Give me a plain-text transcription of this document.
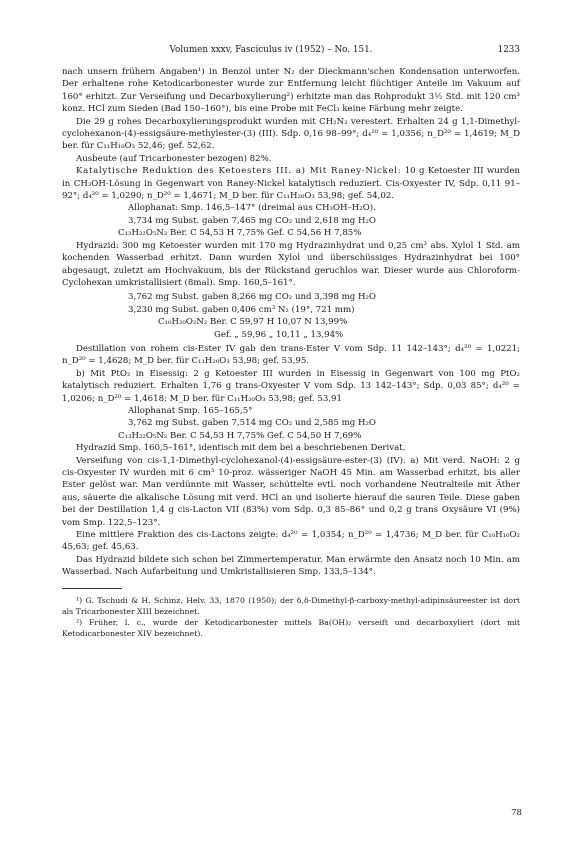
Volumen xxxv, Fasciculus iv (1952) – No. 151.	1233

nach unsern frühern Angaben¹) in Benzol unter N₂ der Dieckmann'schen Kondensation unterworfen. Der erhaltene rohe Ketodicarbonester wurde zur Entfernung leicht flüchtiger Anteile im Vakuum auf 160° erhitzt. Zur Verseifung und Decarboxylierung²) erhitzte man das Rohprodukt 3½ Std. mit 120 cm³ konz. HCl zum Sieden (Bad 150–160°), bis eine Probe mit FeCl₃ keine Färbung mehr zeigte.

Die 29 g rohes Decarboxylierungsprodukt wurden mit CH₂N₂ verestert. Erhalten 24 g 1,1-Dimethyl-cyclohexanon-(4)-essigsäure-methylester-(3) (III). Sdp. 0,16 98–99°; d₄²⁰ = 1,0356; n_D²⁰ = 1,4619; M_D ber. für C₁₁H₁₈O₃ 52,46; gef. 52,62.

Ausbeute (auf Tricarbonester bezogen) 82%.

Katalytische Reduktion des Ketoesters III. a) Mit Raney-Nickel: 10 g Ketoester III wurden in CH₃OH-Lösung in Gegenwart von Raney-Nickel katalytisch reduziert. Cis-Oxyester IV, Sdp. 0,11 91–92°; d₄²⁰ = 1,0290; n_D²⁰ = 1,4671; M_D ber. für C₁₁H₂₀O₃ 53,98; gef. 54,02.

Allophanat: Smp. 146,5–147° (dreimal aus CH₃OH–H₂O).
3,734 mg Subst. gaben 7,465 mg CO₂ und 2,618 mg H₂O
C₁₃H₂₂O₅N₂ Ber. C 54,53 H 7,75% Gef. C 54,56 H 7,85%

Hydrazid: 300 mg Ketoester wurden mit 170 mg Hydrazinhydrat und 0,25 cm³ abs. Xylol 1 Std. am kochenden Wasserbad erhitzt. Dann wurden Xylol und überschüssiges Hydrazinhydrat bei 100° abgesaugt, zuletzt am Hochvakuum, bis der Rückstand geruchlos war. Dieser wurde aus Chloroform-Cyclohexan umkristallisiert (8mal). Smp. 160,5–161°.

3,762 mg Subst. gaben 8,266 mg CO₂ und 3,398 mg H₂O
3,230 mg Subst. gaben 0,406 cm³ N₂ (19°, 721 mm)
C₁₀H₂₀O₂N₂ Ber. C 59,97 H 10,07 N 13,99%
Gef. „ 59,96 „ 10,11 „ 13,94%

Destillation von rohem cis-Ester IV gab den trans-Ester V vom Sdp. 11 142–143°; d₄²⁰ = 1,0221; n_D²⁰ = 1,4628; M_D ber. für C₁₁H₂₀O₃ 53,98; gef. 53,95.

b) Mit PtO₂ in Eisessig: 2 g Ketoester III wurden in Eisessig in Gegenwart von 100 mg PtO₂ katalytisch reduziert. Erhalten 1,76 g trans-Oxyester V vom Sdp. 13 142–143°; Sdp. 0,03 85°; d₄²⁰ = 1,0206; n_D²⁰ = 1,4618; M_D ber. für C₁₁H₂₀O₃ 53,98; gef. 53,91

Allophanat Smp. 165–165,5°
3,762 mg Subst. gaben 7,514 mg CO₂ und 2,585 mg H₂O
C₁₃H₂₂O₅N₂ Ber. C 54,53 H 7,75% Gef. C 54,50 H 7,69%

Hydrazid Smp. 160,5–161°, identisch mit dem bei a beschriebenen Derivat.

Verseifung von cis-1,1-Dimethyl-cyclohexanol-(4)-essigsäure-ester-(3) (IV). a) Mit verd. NaOH: 2 g cis-Oxyester IV wurden mit 6 cm³ 10-proz. wässeriger NaOH 45 Min. am Wasserbad erhitzt, bis aller Ester gelöst war. Man verdünnte mit Wasser, schüttelte evtl. noch vorhandene Neutralteile mit Äther aus, säuerte die alkalische Lösung mit verd. HCl an und isolierte hierauf die sauren Teile. Diese gaben bei der Destillation 1,4 g cis-Lacton VII (83%) vom Sdp. 0,3 85–86° und 0,2 g trans Oxysäure VI (9%) vom Smp. 122,5–123°.

Eine mittlere Fraktion des cis-Lactons zeigte: d₄²⁰ = 1,0354; n_D²⁰ = 1,4736; M_D ber. für C₁₀H₁₆O₂ 45,63; gef. 45,63.

Das Hydrazid bildete sich schon bei Zimmertemperatur. Man erwärmte den Ansatz noch 10 Min. am Wasserbad. Nach Aufarbeitung und Umkristallisieren Smp. 133,5–134°.

¹) G. Tschudi & H. Schinz, Helv. 33, 1870 (1950); der δ,δ-Dimethyl-β-carboxy-methyl-adipinsäureester ist dort als Tricarbonester XIII bezeichnet.

²) Früher, l. c., wurde der Ketodicarbonester mittels Ba(OH)₂ verseift und decarboxyliert (dort mit Ketodicarbonester XIV bezeichnet).

78
